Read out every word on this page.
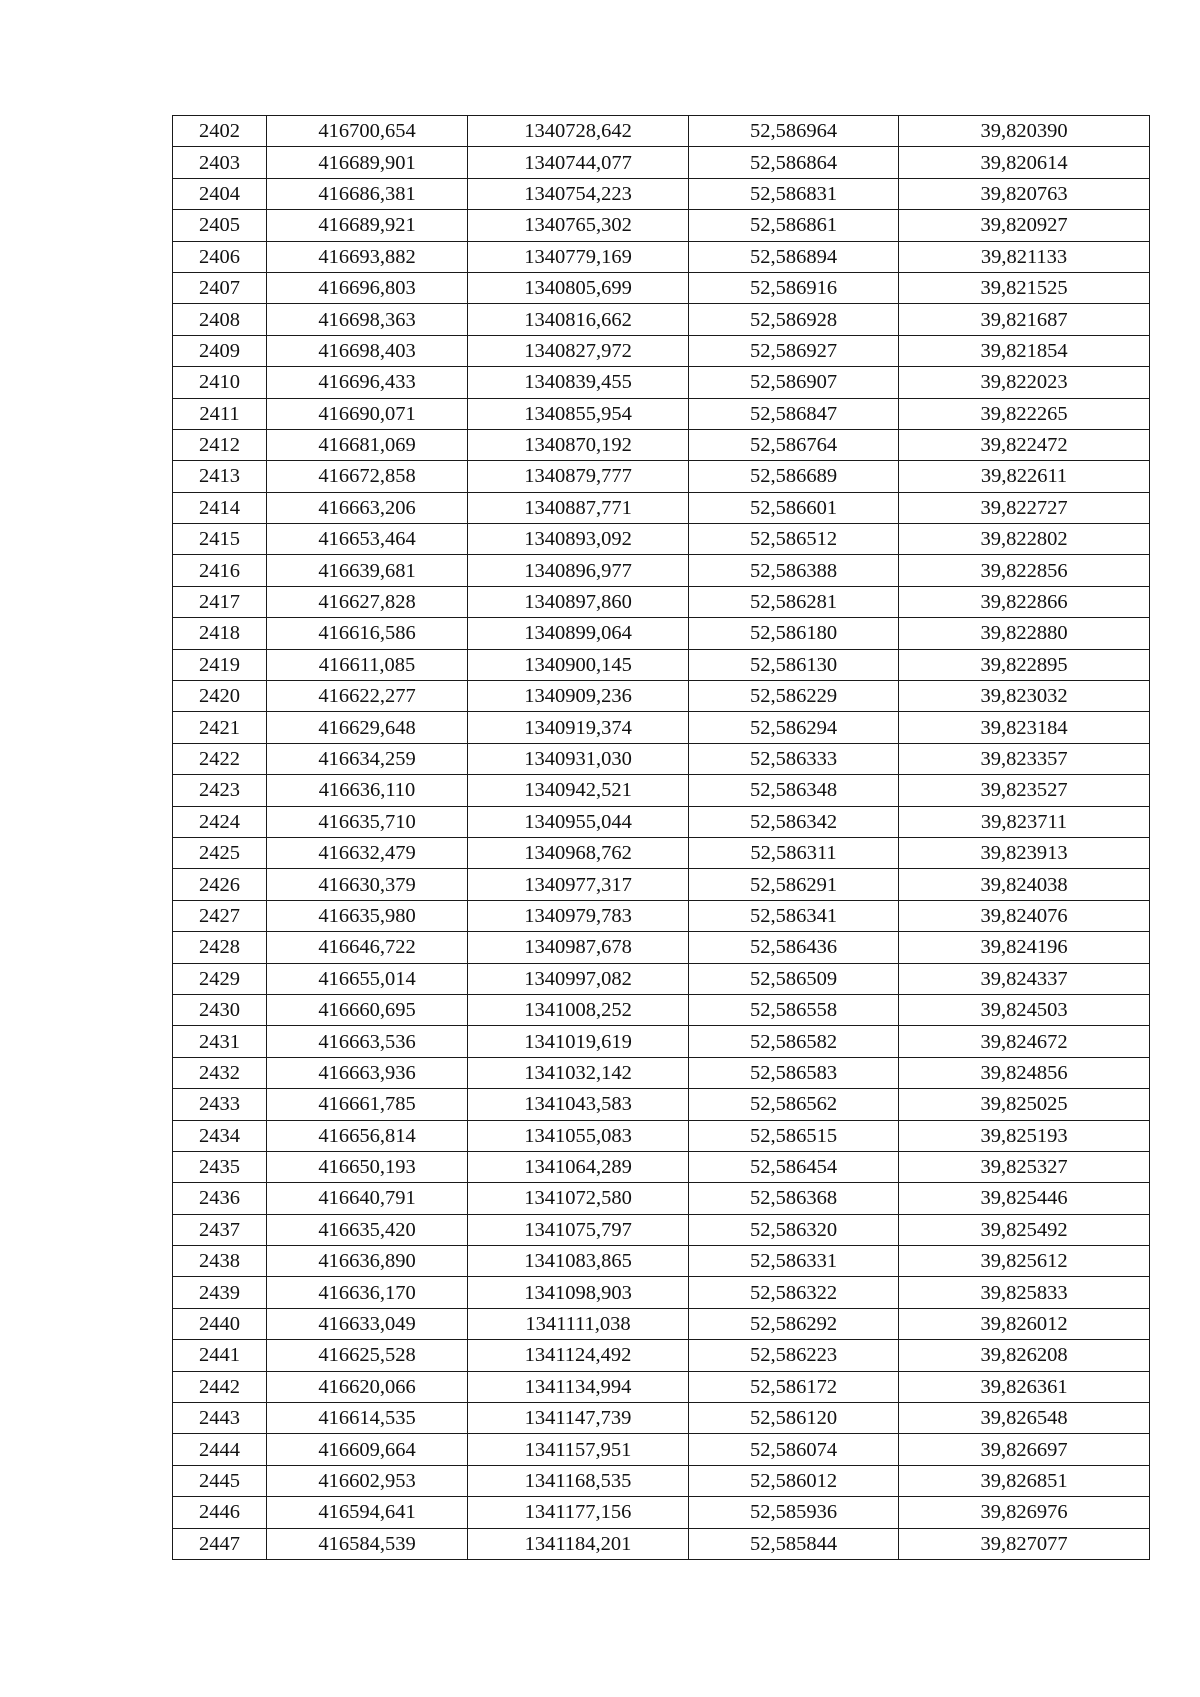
2402	416700,654	1340728,642	52,586964	39,820390
2403	416689,901	1340744,077	52,586864	39,820614
2404	416686,381	1340754,223	52,586831	39,820763
2405	416689,921	1340765,302	52,586861	39,820927
2406	416693,882	1340779,169	52,586894	39,821133
2407	416696,803	1340805,699	52,586916	39,821525
2408	416698,363	1340816,662	52,586928	39,821687
2409	416698,403	1340827,972	52,586927	39,821854
2410	416696,433	1340839,455	52,586907	39,822023
2411	416690,071	1340855,954	52,586847	39,822265
2412	416681,069	1340870,192	52,586764	39,822472
2413	416672,858	1340879,777	52,586689	39,822611
2414	416663,206	1340887,771	52,586601	39,822727
2415	416653,464	1340893,092	52,586512	39,822802
2416	416639,681	1340896,977	52,586388	39,822856
2417	416627,828	1340897,860	52,586281	39,822866
2418	416616,586	1340899,064	52,586180	39,822880
2419	416611,085	1340900,145	52,586130	39,822895
2420	416622,277	1340909,236	52,586229	39,823032
2421	416629,648	1340919,374	52,586294	39,823184
2422	416634,259	1340931,030	52,586333	39,823357
2423	416636,110	1340942,521	52,586348	39,823527
2424	416635,710	1340955,044	52,586342	39,823711
2425	416632,479	1340968,762	52,586311	39,823913
2426	416630,379	1340977,317	52,586291	39,824038
2427	416635,980	1340979,783	52,586341	39,824076
2428	416646,722	1340987,678	52,586436	39,824196
2429	416655,014	1340997,082	52,586509	39,824337
2430	416660,695	1341008,252	52,586558	39,824503
2431	416663,536	1341019,619	52,586582	39,824672
2432	416663,936	1341032,142	52,586583	39,824856
2433	416661,785	1341043,583	52,586562	39,825025
2434	416656,814	1341055,083	52,586515	39,825193
2435	416650,193	1341064,289	52,586454	39,825327
2436	416640,791	1341072,580	52,586368	39,825446
2437	416635,420	1341075,797	52,586320	39,825492
2438	416636,890	1341083,865	52,586331	39,825612
2439	416636,170	1341098,903	52,586322	39,825833
2440	416633,049	1341111,038	52,586292	39,826012
2441	416625,528	1341124,492	52,586223	39,826208
2442	416620,066	1341134,994	52,586172	39,826361
2443	416614,535	1341147,739	52,586120	39,826548
2444	416609,664	1341157,951	52,586074	39,826697
2445	416602,953	1341168,535	52,586012	39,826851
2446	416594,641	1341177,156	52,585936	39,826976
2447	416584,539	1341184,201	52,585844	39,827077
